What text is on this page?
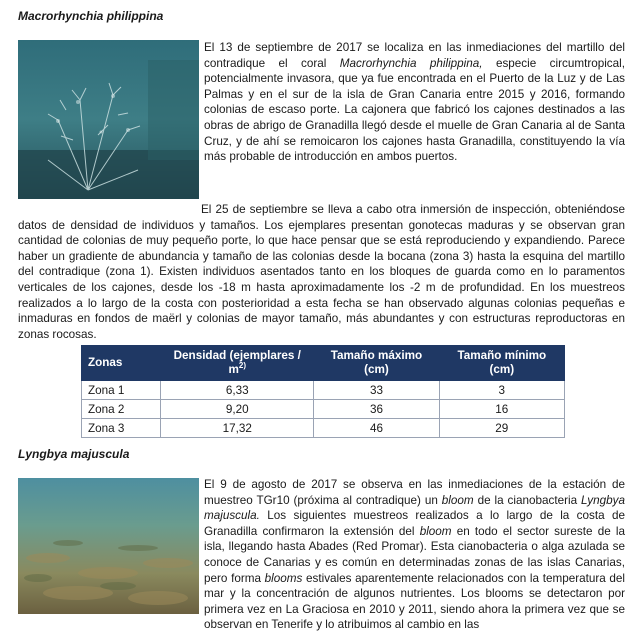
Macrorhynchia philippina

El 13 de septiembre de 2017 se localiza en las inmediaciones del martillo del contradique el coral Macrorhynchia philippina, especie circumtropical, potencialmente invasora, que ya fue encontrada en el Puerto de la Luz y de Las Palmas y en el sur de la isla de Gran Canaria entre 2015 y 2016, formando colonias de escaso porte. La cajonera que fabricó los cajones destinados a las obras de abrigo de Granadilla llegó desde el muelle de Gran Canaria al de Santa Cruz, y de ahí se remoicaron los cajones hasta Granadilla, constituyendo la vía más probable de introducción en ambos puertos.

El 25 de septiembre se lleva a cabo otra inmersión de inspección, obteniéndose datos de densidad de individuos y tamaños. Los ejemplares presentan gonotecas maduras y se observan gran cantidad de colonias de muy pequeño porte, lo que hace pensar que se está reproduciendo y expandiendo. Parece haber un gradiente de abundancia y tamaño de las colonias desde la bocana (zona 3) hasta la esquina del martillo del contradique (zona 1). Existen individuos asentados tanto en los bloques de guarda como en lo paramentos verticales de los cajones, desde los -18 m hasta aproximadamente los -2 m de profundidad. En los muestreos realizados a lo largo de la costa con posterioridad a esta fecha se han observado algunas colonias pequeñas e inmaduras en fondos de maërl y colonias de mayor tamaño, más abundantes y con estructuras reproductoras en zonas rocosas.

Zonas	Densidad (ejemplares / $m^{2)}$	Tamaño máximo (cm)	Tamaño mínimo (cm)
Zona 1	6,33	33	3
Zona 2	9,20	36	16
Zona 3	17,32	46	29

Lyngbya majuscula

El 9 de agosto de 2017 se observa en las inmediaciones de la estación de muestreo TGr10 (próxima al contradique) un bloom de la cianobacteria Lyngbya majuscula. Los siguientes muestreos realizados a lo largo de la costa de Granadilla confirmaron la extensión del bloom en todo el sector sureste de la isla, llegando hasta Abades (Red Promar). Esta cianobacteria o alga azulada se conoce de Canarias y es común en determinadas zonas de las islas Canarias, pero forma blooms estivales aparentemente relacionados con la temperatura del mar y la concentración de algunos nutrientes. Los blooms se detectaron por primera vez en La Graciosa en 2010 y 2011, siendo ahora la primera vez que se observan en Tenerife y lo atribuimos al cambio en las
